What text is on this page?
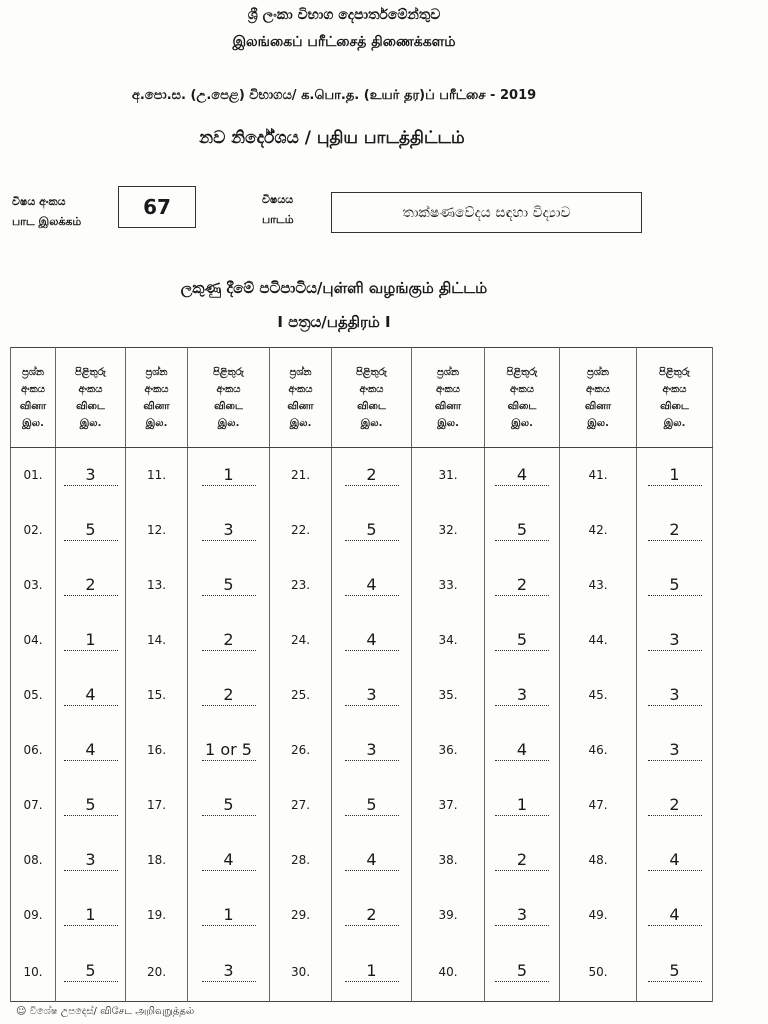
ශ්‍රී ලංකා විභාග දෙපාර්තමේන්තුව
இலங்கைப் பரீட்சைத் திணைக்களம்
අ.පො.ස. (උ.පෙළ) විභාගය/ க.பொ.த. (உயர் தர)ப் பரீட்சை - 2019
නව නිර්දේශය / புதிய பாடத்திட்டம்
විෂය අංකය
பாட இலக்கம்
67	විෂයය
பாடம்	තාක්ෂණවේදය සඳහා විද්‍යාව
ලකුණු දීමේ පටිපාටිය/புள்ளி வழங்கும் திட்டம்
I පත්‍රය/பத்திரம் I
ප්‍රශ්න
අංකය
வினா
இல.	පිළිතුරු
අංකය
விடை
இல.	ප්‍රශ්න
අංකය
வினா
இல.	පිළිතුරු
අංකය
விடை
இல.	ප්‍රශ්න
අංකය
வினா
இல.	පිළිතුරු
අංකය
விடை
இல.	ප්‍රශ්න
අංකය
வினா
இல.	පිළිතුරු
අංකය
விடை
இல.	ප්‍රශ්න
අංකය
வினா
இல.	පිළිතුරු
අංකය
விடை
இல.
01.	3	11.	1	21.	2	31.	4	41.	1
02.	5	12.	3	22.	5	32.	5	42.	2
03.	2	13.	5	23.	4	33.	2	43.	5
04.	1	14.	2	24.	4	34.	5	44.	3
05.	4	15.	2	25.	3	35.	3	45.	3
06.	4	16.	1 or 5	26.	3	36.	4	46.	3
07.	5	17.	5	27.	5	37.	1	47.	2
08.	3	18.	4	28.	4	38.	2	48.	4
09.	1	19.	1	29.	2	39.	3	49.	4
10.	5	20.	3	30.	1	40.	5	50.	5
☺ විශේෂ උපදෙස්/ விசேட அறிவுறுத்தல்
